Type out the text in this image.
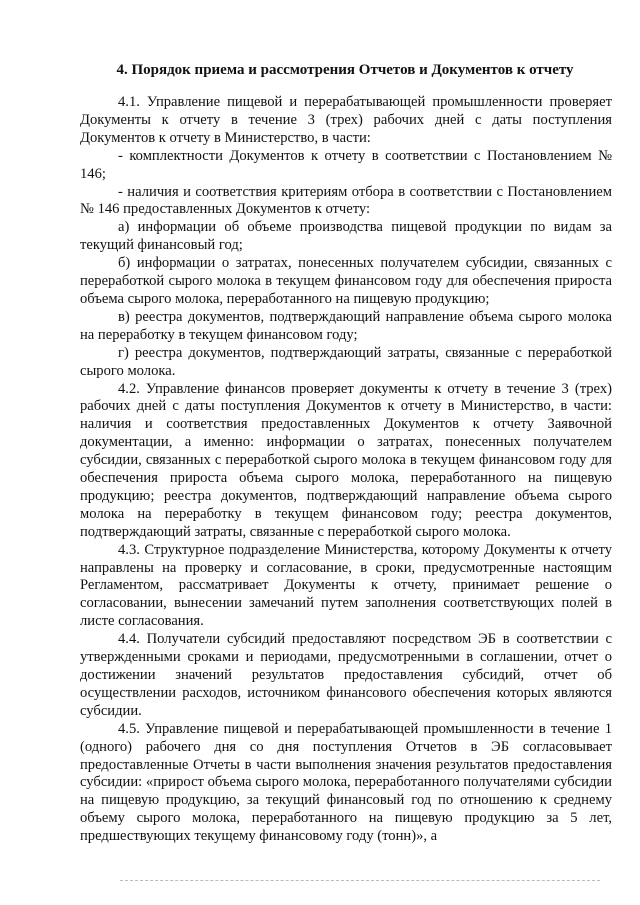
4. Порядок приема и рассмотрения Отчетов и Документов к отчету

4.1. Управление пищевой и перерабатывающей промышленности проверяет Документы к отчету в течение 3 (трех) рабочих дней с даты поступления Документов к отчету в Министерство, в части:

- комплектности Документов к отчету в соответствии с Постановлением № 146;

- наличия и соответствия критериям отбора в соответствии с Постановлением № 146 предоставленных Документов к отчету:

а) информации об объеме производства пищевой продукции по видам за текущий финансовый год;

б) информации о затратах, понесенных получателем субсидии, связанных с переработкой сырого молока в текущем финансовом году для обеспечения прироста объема сырого молока, переработанного на пищевую продукцию;

в) реестра документов, подтверждающий направление объема сырого молока на переработку в текущем финансовом году;

г) реестра документов, подтверждающий затраты, связанные с переработкой сырого молока.

4.2. Управление финансов проверяет документы к отчету в течение 3 (трех) рабочих дней с даты поступления Документов к отчету в Министерство, в части: наличия и соответствия предоставленных Документов к отчету Заявочной документации, а именно: информации о затратах, понесенных получателем субсидии, связанных с переработкой сырого молока в текущем финансовом году для обеспечения прироста объема сырого молока, переработанного на пищевую продукцию; реестра документов, подтверждающий направление объема сырого молока на переработку в текущем финансовом году; реестра документов, подтверждающий затраты, связанные с переработкой сырого молока.

4.3. Структурное подразделение Министерства, которому Документы к отчету направлены на проверку и согласование, в сроки, предусмотренные настоящим Регламентом, рассматривает Документы к отчету, принимает решение о согласовании, вынесении замечаний путем заполнения соответствующих полей в листе согласования.

4.4. Получатели субсидий предоставляют посредством ЭБ в соответствии с утвержденными сроками и периодами, предусмотренными в соглашении, отчет о достижении значений результатов предоставления субсидий, отчет об осуществлении расходов, источником финансового обеспечения которых являются субсидии.

4.5. Управление пищевой и перерабатывающей промышленности в течение 1 (одного) рабочего дня со дня поступления Отчетов в ЭБ согласовывает предоставленные Отчеты в части выполнения значения результатов предоставления субсидии: «прирост объема сырого молока, переработанного получателями субсидии на пищевую продукцию, за текущий финансовый год по отношению к среднему объему сырого молока, переработанного на пищевую продукцию за 5 лет, предшествующих текущему финансовому году (тонн)», а
